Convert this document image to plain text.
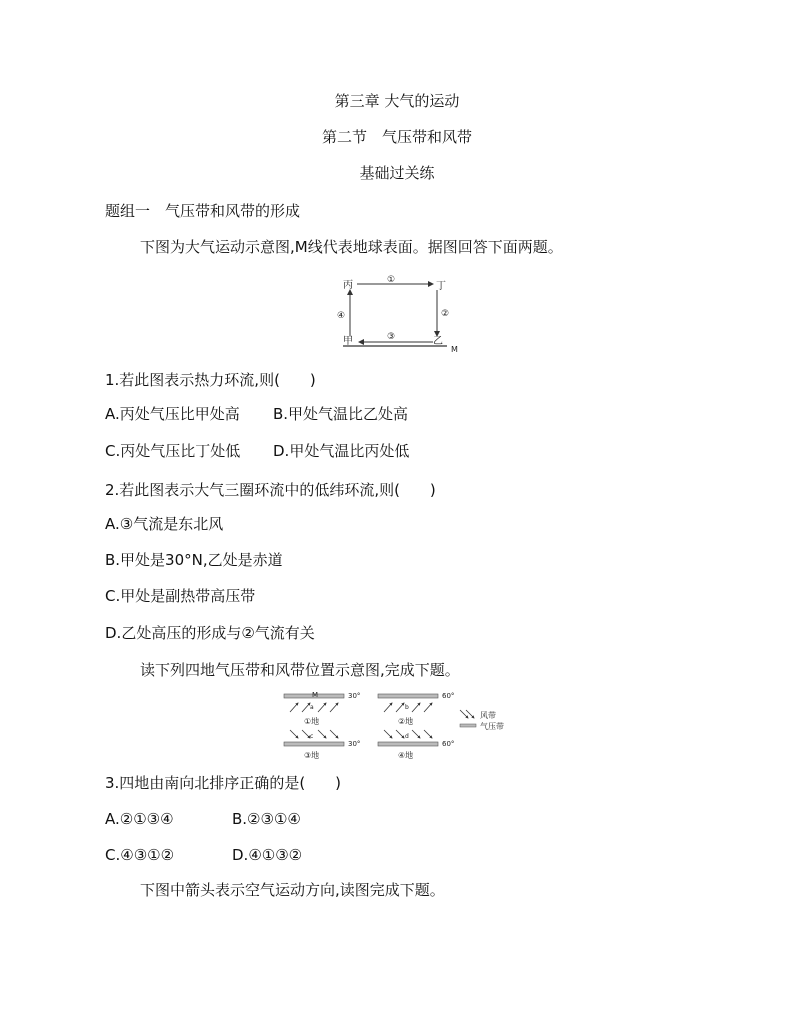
第三章 大气的运动
第二节　气压带和风带
基础过关练
题组一　气压带和风带的形成
下图为大气运动示意图,M线代表地球表面。据图回答下面两题。
丙	丁
甲	乙
M
①
②
③
④
1.若此图表示热力环流,则(　　)
A.丙处气压比甲处高 B.甲处气温比乙处高
C.丙处气压比丁处低 D.甲处气温比丙处低
2.若此图表示大气三圈环流中的低纬环流,则(　　)
A.③气流是东北风
B.甲处是30°N,乙处是赤道
C.甲处是副热带高压带
D.乙处高压的形成与②气流有关
读下列四地气压带和风带位置示意图,完成下题。
M
a
30°
①地
b
60°
②地
c
30°
③地
d
60°
④地
风带
气压带
3.四地由南向北排序正确的是(　　)
A.②①③④	B.②③①④
C.④③①②	D.④①③②
下图中箭头表示空气运动方向,读图完成下题。
